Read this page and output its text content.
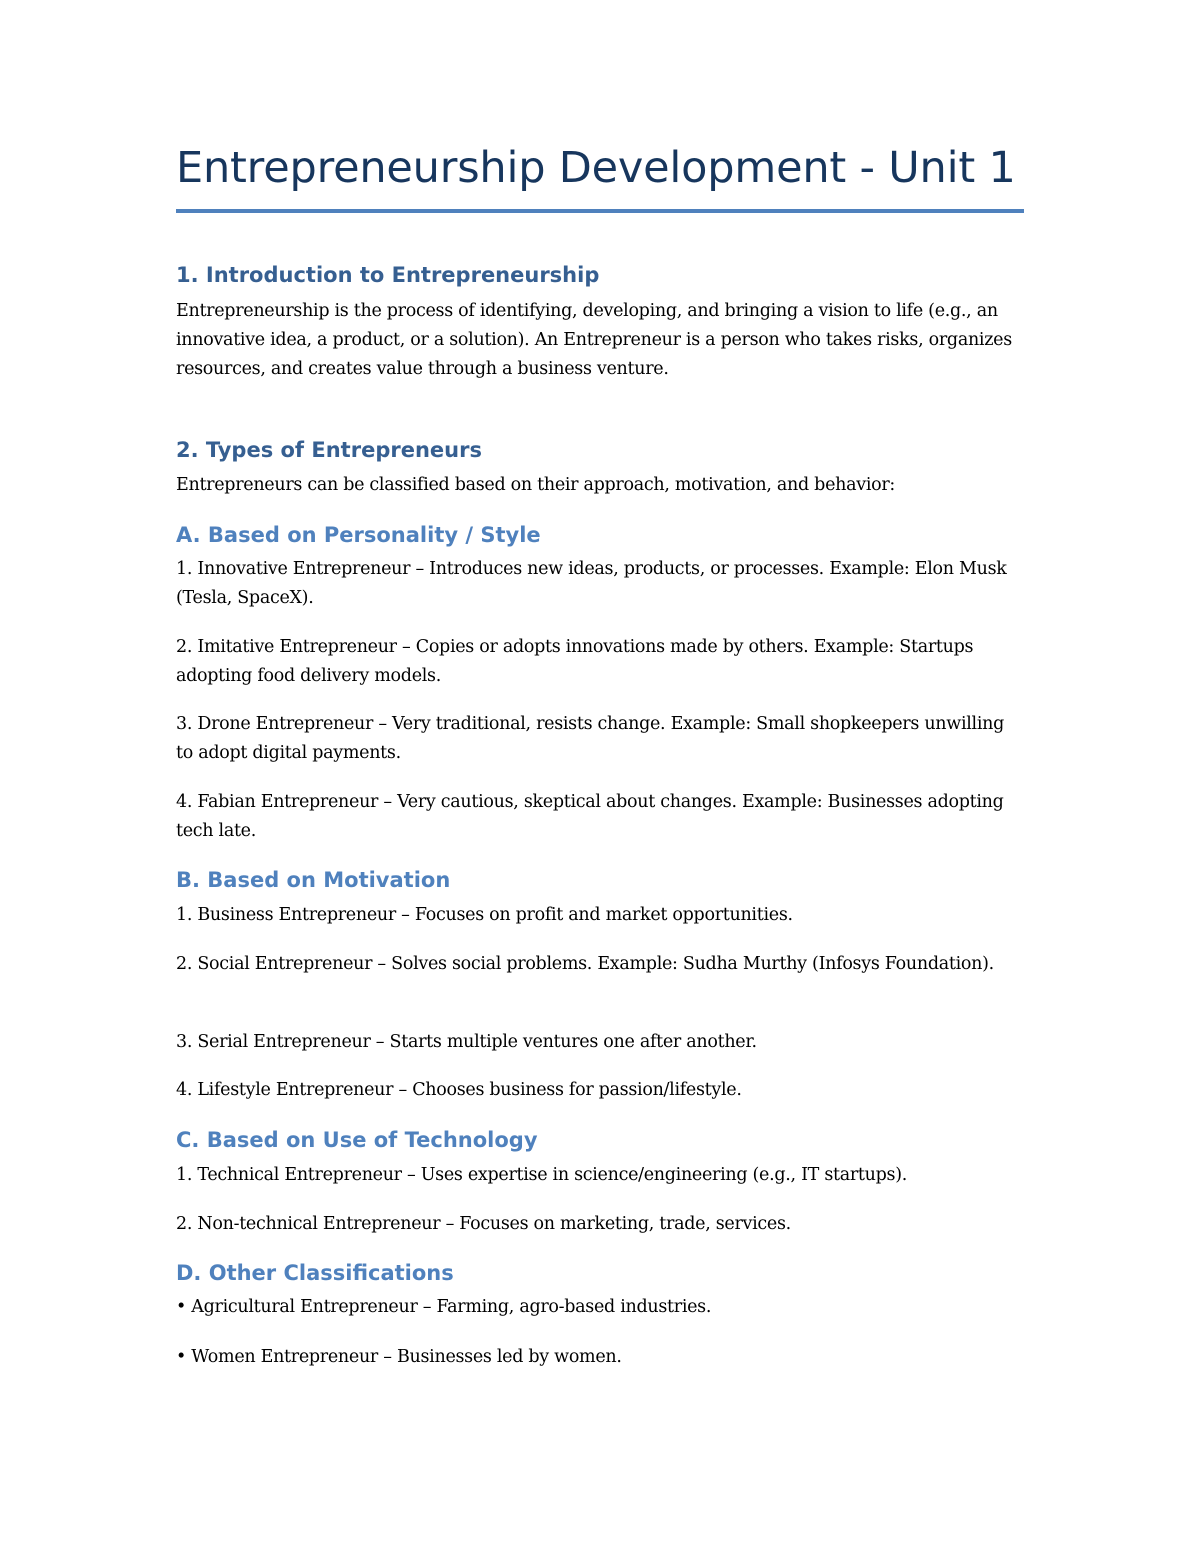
Entrepreneurship Development - Unit 1
1. Introduction to Entrepreneurship
Entrepreneurship is the process of identifying, developing, and bringing a vision to life (e.g., an innovative idea, a product, or a solution). An Entrepreneur is a person who takes risks, organizes resources, and creates value through a business venture.
2. Types of Entrepreneurs
Entrepreneurs can be classified based on their approach, motivation, and behavior:
A. Based on Personality / Style
1. Innovative Entrepreneur – Introduces new ideas, products, or processes. Example: Elon Musk (Tesla, SpaceX).
2. Imitative Entrepreneur – Copies or adopts innovations made by others. Example: Startups adopting food delivery models.
3. Drone Entrepreneur – Very traditional, resists change. Example: Small shopkeepers unwilling to adopt digital payments.
4. Fabian Entrepreneur – Very cautious, skeptical about changes. Example: Businesses adopting tech late.
B. Based on Motivation
1. Business Entrepreneur – Focuses on profit and market opportunities.
2. Social Entrepreneur – Solves social problems. Example: Sudha Murthy (Infosys Foundation).
3. Serial Entrepreneur – Starts multiple ventures one after another.
4. Lifestyle Entrepreneur – Chooses business for passion/lifestyle.
C. Based on Use of Technology
1. Technical Entrepreneur – Uses expertise in science/engineering (e.g., IT startups).
2. Non-technical Entrepreneur – Focuses on marketing, trade, services.
D. Other Classifications
• Agricultural Entrepreneur – Farming, agro-based industries.
• Women Entrepreneur – Businesses led by women.
